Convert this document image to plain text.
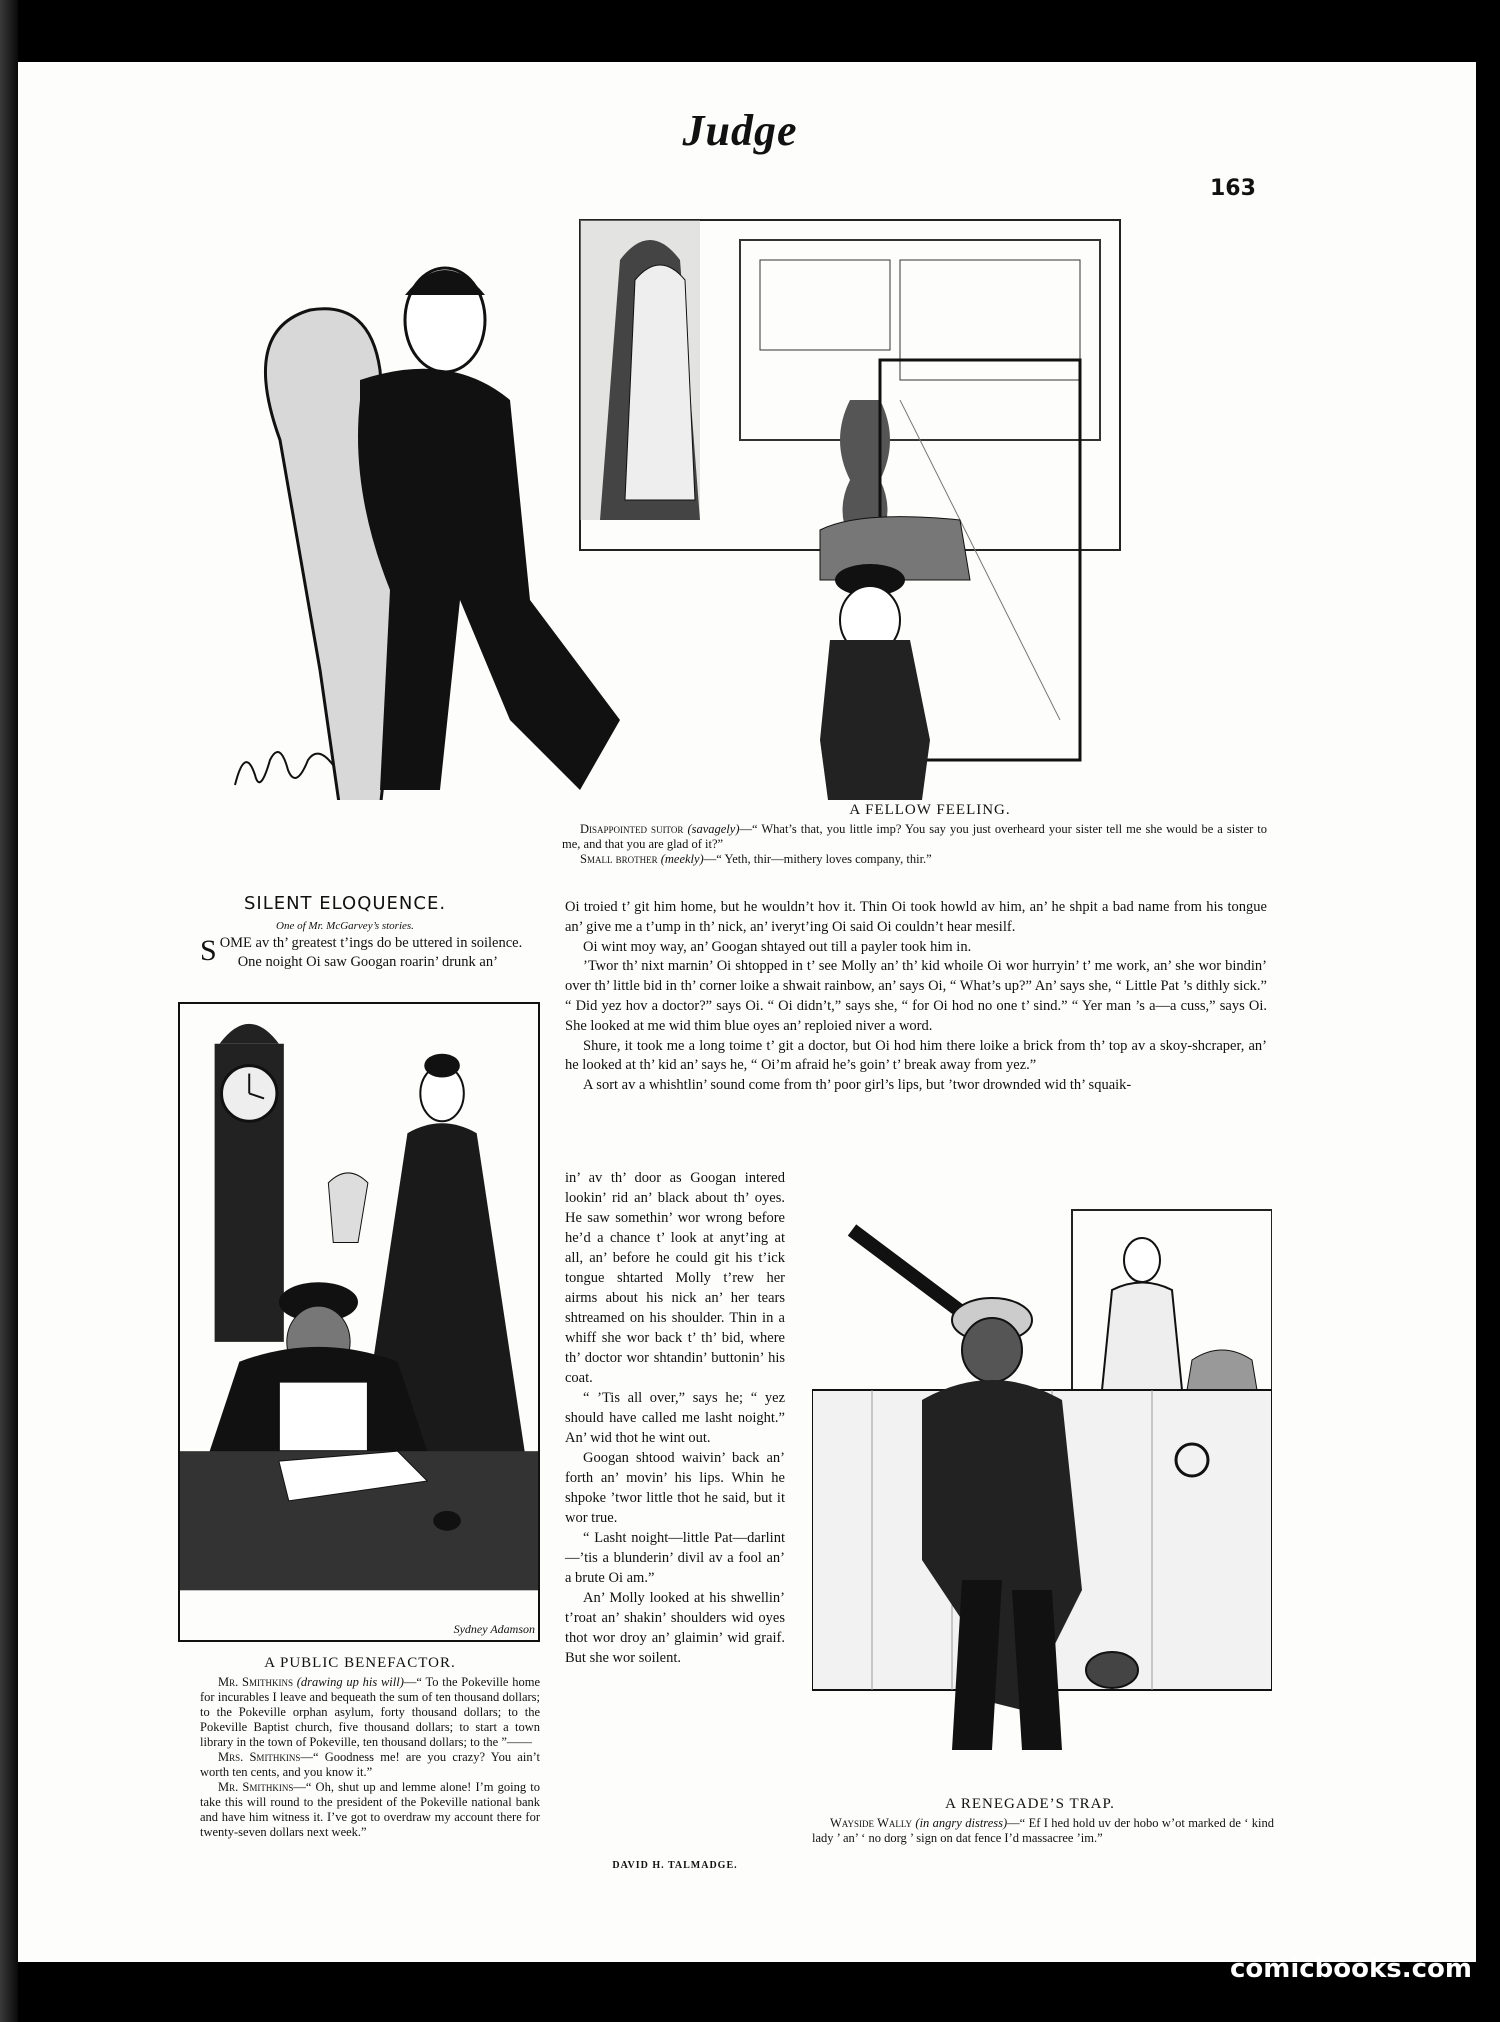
Judge
163
A FELLOW FEELING.

Disappointed suitor (savagely)—“ What’s that, you little imp? You say you just overheard your sister tell me she would be a sister to me, and that you are glad of it?”

Small brother (meekly)—“ Yeth, thir—mithery loves company, thir.”

SILENT ELOQUENCE.
One of Mr. McGarvey’s stories.

SOME av th’ greatest t’ings do be uttered in soilence.

One noight Oi saw Googan roarin’ drunk an’

Sydney Adamson
A PUBLIC BENEFACTOR.

Mr. Smithkins (drawing up his will)—“ To the Pokeville home for incurables I leave and bequeath the sum of ten thousand dollars; to the Pokeville orphan asylum, forty thousand dollars; to the Pokeville Baptist church, five thousand dollars; to start a town library in the town of Pokeville, ten thousand dollars; to the ”——

Mrs. Smithkins—“ Goodness me! are you crazy? You ain’t worth ten cents, and you know it.”

Mr. Smithkins—“ Oh, shut up and lemme alone! I’m going to take this will round to the president of the Pokeville national bank and have him witness it. I’ve got to overdraw my account there for twenty-seven dollars next week.”

Oi troied t’ git him home, but he wouldn’t hov it. Thin Oi took howld av him, an’ he shpit a bad name from his tongue an’ give me a t’ump in th’ nick, an’ iveryt’ing Oi said Oi couldn’t hear mesilf.

Oi wint moy way, an’ Googan shtayed out till a payler took him in.

’Twor th’ nixt marnin’ Oi shtopped in t’ see Molly an’ th’ kid whoile Oi wor hurryin’ t’ me work, an’ she wor bindin’ over th’ little bid in th’ corner loike a shwait rainbow, an’ says Oi, “ What’s up?” An’ says she, “ Little Pat ’s dithly sick.” “ Did yez hov a doctor?” says Oi. “ Oi didn’t,” says she, “ for Oi hod no one t’ sind.” “ Yer man ’s a—a cuss,” says Oi. She looked at me wid thim blue oyes an’ reploied niver a word.

Shure, it took me a long toime t’ git a doctor, but Oi hod him there loike a brick from th’ top av a skoy-shcraper, an’ he looked at th’ kid an’ says he, “ Oi’m afraid he’s goin’ t’ break away from yez.”

A sort av a whishtlin’ sound come from th’ poor girl’s lips, but ’twor drownded wid th’ squaik-

in’ av th’ door as Googan intered lookin’ rid an’ black about th’ oyes. He saw somethin’ wor wrong before he’d a chance t’ look at anyt’ing at all, an’ before he could git his t’ick tongue shtarted Molly t’rew her airms about his nick an’ her tears shtreamed on his shoulder. Thin in a whiff she wor back t’ th’ bid, where th’ doctor wor shtandin’ buttonin’ his coat.

“ ’Tis all over,” says he; “ yez should have called me lasht noight.” An’ wid thot he wint out.

Googan shtood waivin’ back an’ forth an’ movin’ his lips. Whin he shpoke ’twor little thot he said, but it wor true.

“ Lasht noight—little Pat—darlint—’tis a blunderin’ divil av a fool an’ a brute Oi am.”

An’ Molly looked at his shwellin’ t’roat an’ shakin’ shoulders wid oyes thot wor droy an’ glaimin’ wid graif. But she wor soilent.

DAVID H. TALMADGE.
A RENEGADE’S TRAP.

Wayside Wally (in angry distress)—“ Ef I hed hold uv der hobo w’ot marked de ‘ kind lady ’ an’ ‘ no dorg ’ sign on dat fence I’d massacree ’im.”

comicbooks.com
